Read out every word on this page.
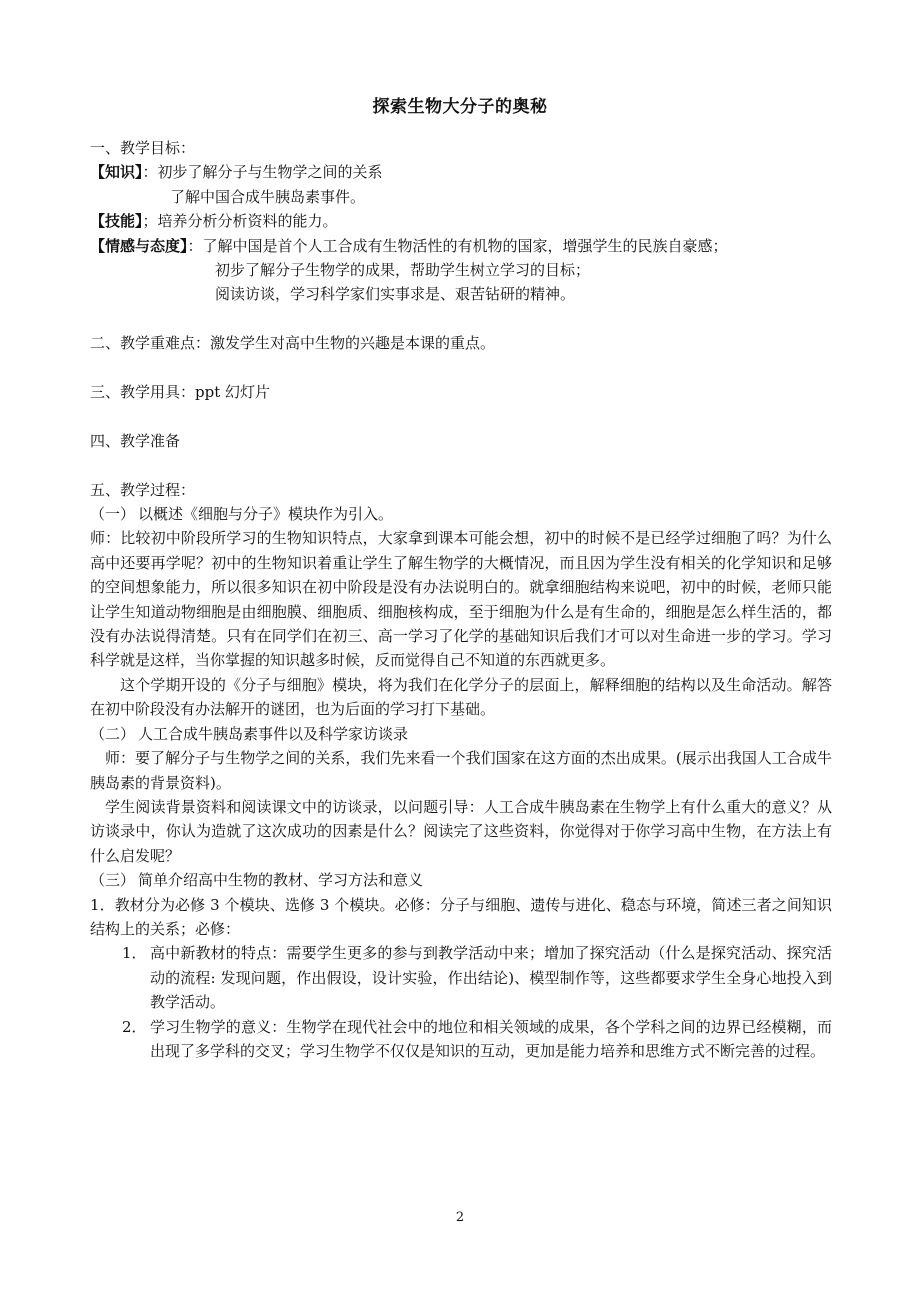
探索生物大分子的奥秘
一、教学目标：
【知识】：初步了解分子与生物学之间的关系
了解中国合成牛胰岛素事件。
【技能】；培养分析分析资料的能力。
【情感与态度】：了解中国是首个人工合成有生物活性的有机物的国家，增强学生的民族自豪感；
初步了解分子生物学的成果，帮助学生树立学习的目标；
阅读访谈，学习科学家们实事求是、艰苦钻研的精神。
二、教学重难点：激发学生对高中生物的兴趣是本课的重点。
三、教学用具：ppt 幻灯片
四、教学准备
五、教学过程：
（一） 以概述《细胞与分子》模块作为引入。
师：比较初中阶段所学习的生物知识特点，大家拿到课本可能会想，初中的时候不是已经学过细胞了吗？为什么高中还要再学呢？初中的生物知识着重让学生了解生物学的大概情况，而且因为学生没有相关的化学知识和足够的空间想象能力，所以很多知识在初中阶段是没有办法说明白的。就拿细胞结构来说吧，初中的时候，老师只能让学生知道动物细胞是由细胞膜、细胞质、细胞核构成，至于细胞为什么是有生命的，细胞是怎么样生活的，都没有办法说得清楚。只有在同学们在初三、高一学习了化学的基础知识后我们才可以对生命进一步的学习。学习科学就是这样，当你掌握的知识越多时候，反而觉得自己不知道的东西就更多。
这个学期开设的《分子与细胞》模块，将为我们在化学分子的层面上，解释细胞的结构以及生命活动。解答在初中阶段没有办法解开的谜团，也为后面的学习打下基础。
（二） 人工合成牛胰岛素事件以及科学家访谈录
师：要了解分子与生物学之间的关系，我们先来看一个我们国家在这方面的杰出成果。(展示出我国人工合成牛胰岛素的背景资料)。
学生阅读背景资料和阅读课文中的访谈录，以问题引导：人工合成牛胰岛素在生物学上有什么重大的意义？从访谈录中，你认为造就了这次成功的因素是什么？阅读完了这些资料，你觉得对于你学习高中生物，在方法上有什么启发呢？
（三） 简单介绍高中生物的教材、学习方法和意义
1．教材分为必修 3 个模块、选修 3 个模块。必修：分子与细胞、遗传与进化、稳态与环境，简述三者之间知识结构上的关系；必修：
1． 高中新教材的特点：需要学生更多的参与到教学活动中来；增加了探究活动（什么是探究活动、探究活动的流程: 发现问题，作出假设，设计实验，作出结论)、模型制作等，这些都要求学生全身心地投入到教学活动。
2． 学习生物学的意义：生物学在现代社会中的地位和相关领域的成果，各个学科之间的边界已经模糊，而出现了多学科的交叉；学习生物学不仅仅是知识的互动，更加是能力培养和思维方式不断完善的过程。
2
